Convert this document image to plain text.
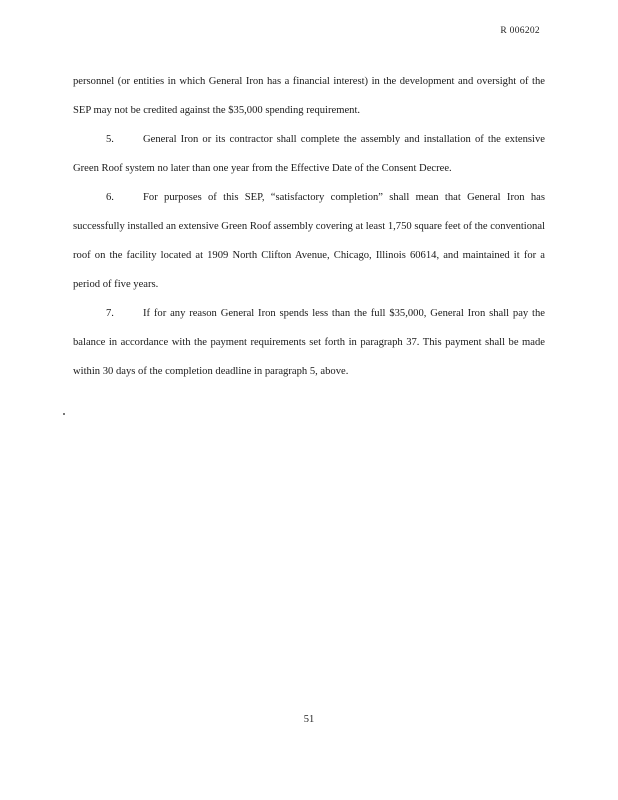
R 006202

personnel (or entities in which General Iron has a financial interest) in the development and oversight of the SEP may not be credited against the $35,000 spending requirement.

5.	General Iron or its contractor shall complete the assembly and installation of the extensive Green Roof system no later than one year from the Effective Date of the Consent Decree.

6.	For purposes of this SEP, “satisfactory completion” shall mean that General Iron has successfully installed an extensive Green Roof assembly covering at least 1,750 square feet of the conventional roof on the facility located at 1909 North Clifton Avenue, Chicago, Illinois 60614, and maintained it for a period of five years.

7.	If for any reason General Iron spends less than the full $35,000, General Iron shall pay the balance in accordance with the payment requirements set forth in paragraph 37. This payment shall be made within 30 days of the completion deadline in paragraph 5, above.

51
